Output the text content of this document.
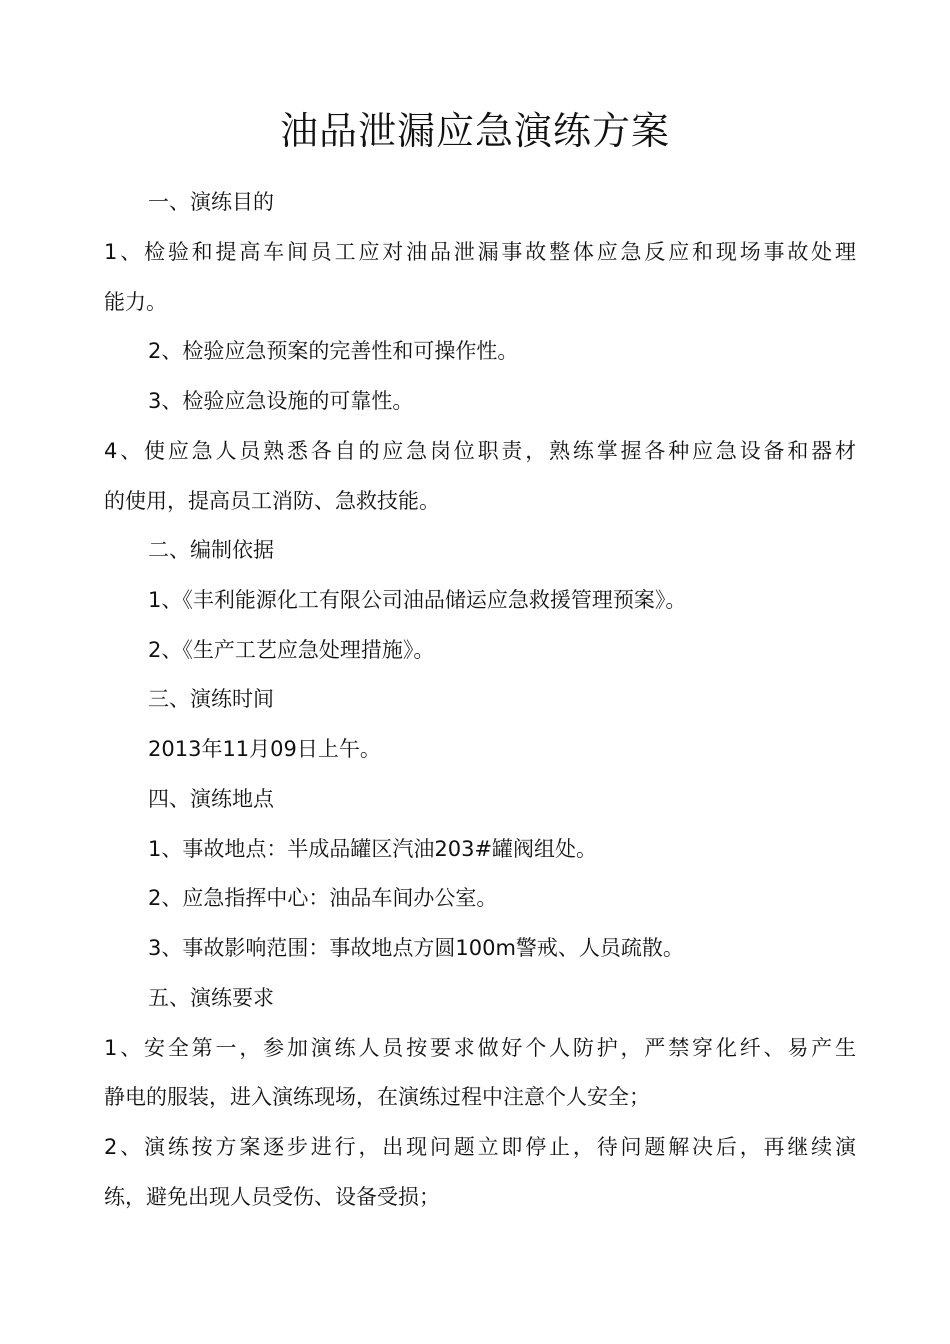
油品泄漏应急演练方案
一、演练目的
1、检验和提高车间员工应对油品泄漏事故整体应急反应和现场事故处理
能力。
2、检验应急预案的完善性和可操作性。
3、检验应急设施的可靠性。
4、使应急人员熟悉各自的应急岗位职责，熟练掌握各种应急设备和器材
的使用，提高员工消防、急救技能。
二、编制依据
1、《丰利能源化工有限公司油品储运应急救援管理预案》。
2、《生产工艺应急处理措施》。
三、演练时间
2013年11月09日上午。
四、演练地点
1、事故地点：半成品罐区汽油203#罐阀组处。
2、应急指挥中心：油品车间办公室。
3、事故影响范围：事故地点方圆100m警戒、人员疏散。
五、演练要求
1、安全第一，参加演练人员按要求做好个人防护，严禁穿化纤、易产生
静电的服装，进入演练现场，在演练过程中注意个人安全；
2、演练按方案逐步进行，出现问题立即停止，待问题解决后，再继续演
练，避免出现人员受伤、设备受损；
